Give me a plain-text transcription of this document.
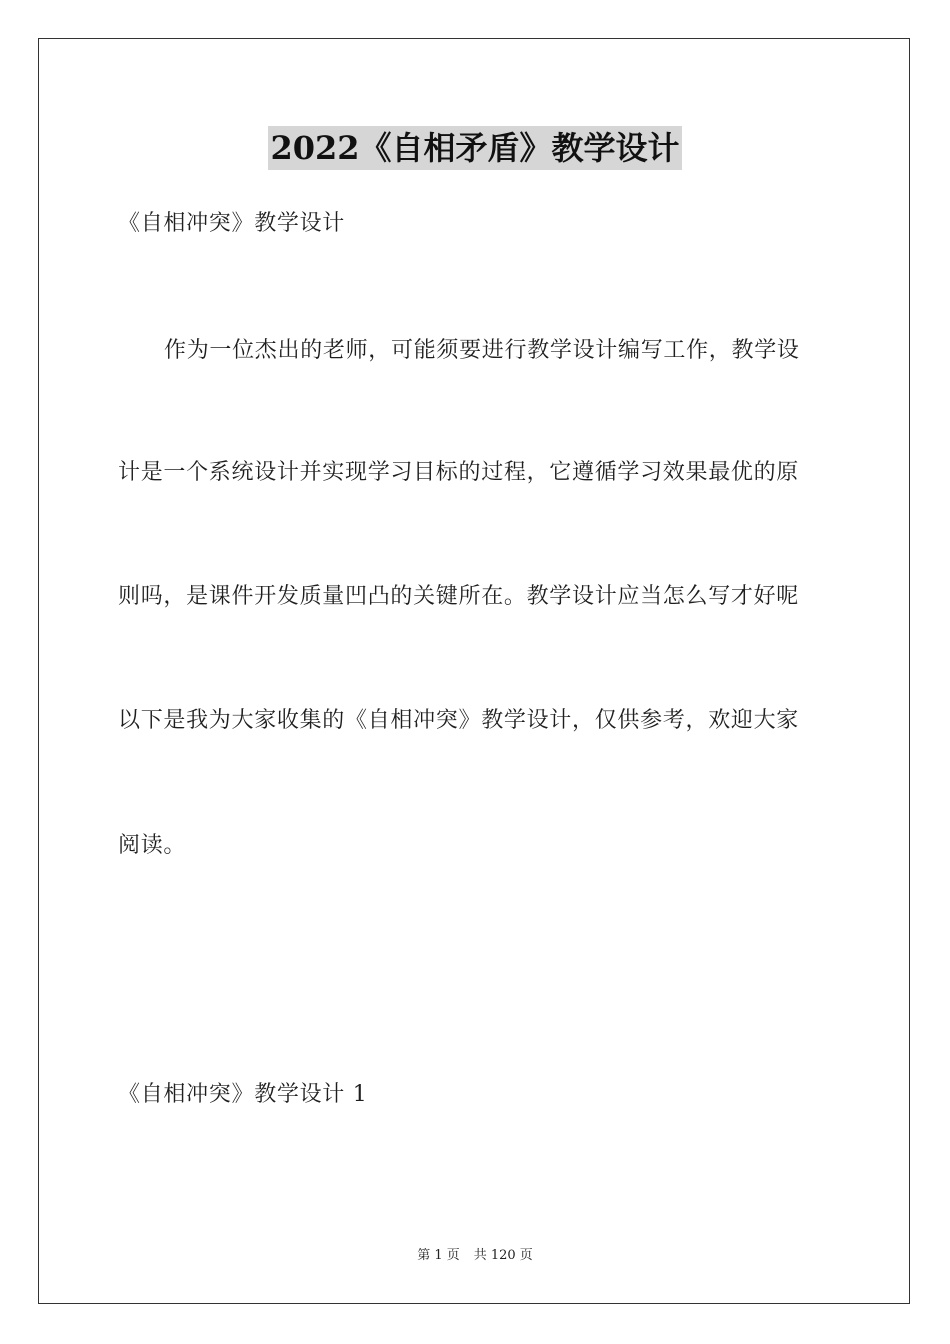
2022《自相矛盾》教学设计
《自相冲突》教学设计
作为一位杰出的老师，可能须要进行教学设计编写工作，教学设
计是一个系统设计并实现学习目标的过程，它遵循学习效果最优的原
则吗，是课件开发质量凹凸的关键所在。教学设计应当怎么写才好呢
以下是我为大家收集的《自相冲突》教学设计，仅供参考，欢迎大家
阅读。
《自相冲突》教学设计 1
第 1 页 共 120 页
